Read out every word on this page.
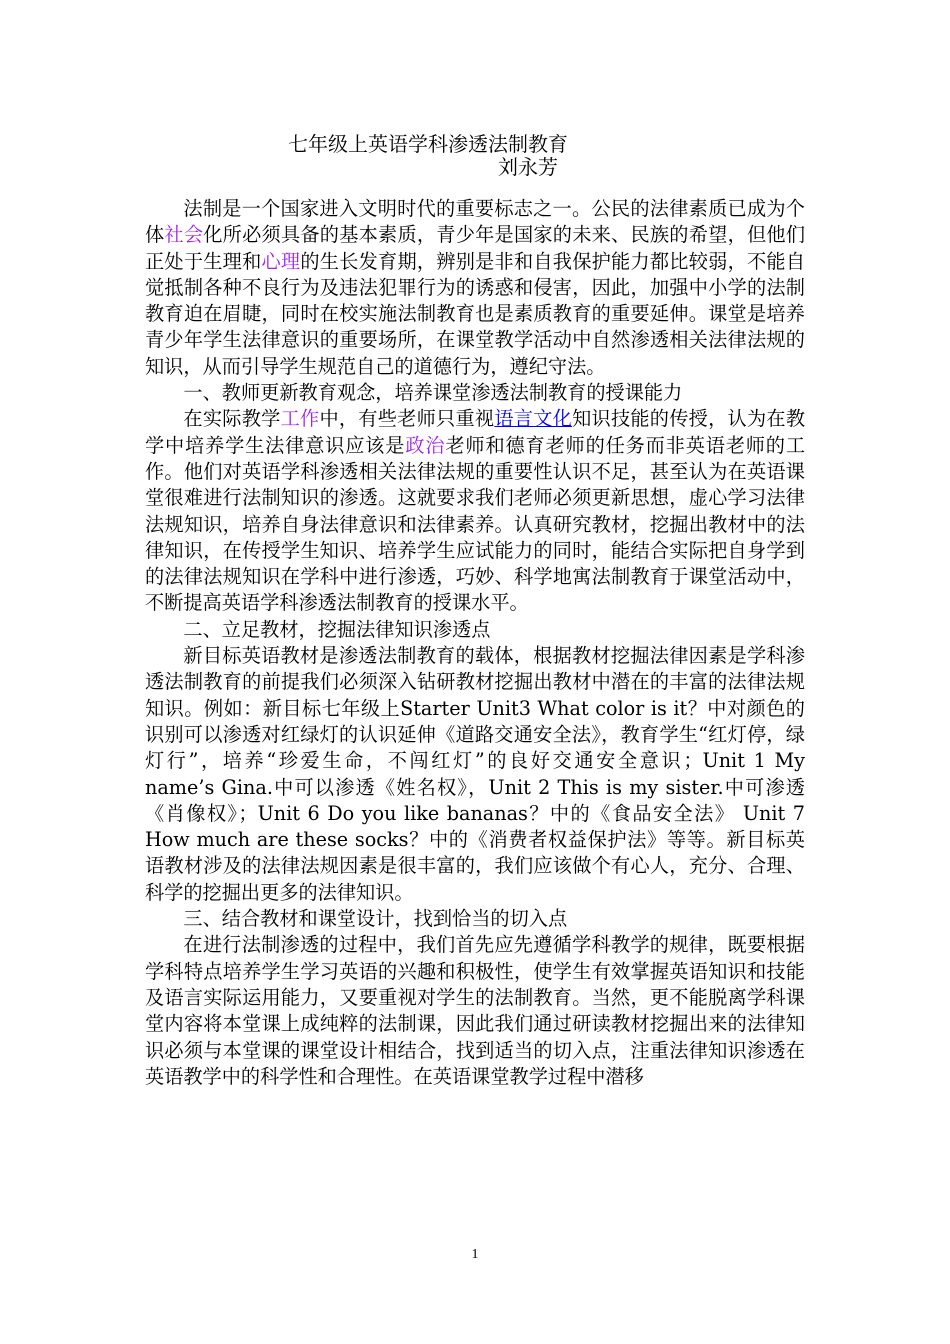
七年级上英语学科渗透法制教育
刘永芳

法制是一个国家进入文明时代的重要标志之一。公民的法律素质已成为个体社会化所必须具备的基本素质，青少年是国家的未来、民族的希望，但他们正处于生理和心理的生长发育期，辨别是非和自我保护能力都比较弱，不能自觉抵制各种不良行为及违法犯罪行为的诱惑和侵害，因此，加强中小学的法制教育迫在眉睫，同时在校实施法制教育也是素质教育的重要延伸。课堂是培养青少年学生法律意识的重要场所，在课堂教学活动中自然渗透相关法律法规的知识，从而引导学生规范自己的道德行为，遵纪守法。

一、教师更新教育观念，培养课堂渗透法制教育的授课能力

在实际教学工作中，有些老师只重视语言文化知识技能的传授，认为在教学中培养学生法律意识应该是政治老师和德育老师的任务而非英语老师的工作。他们对英语学科渗透相关法律法规的重要性认识不足，甚至认为在英语课堂很难进行法制知识的渗透。这就要求我们老师必须更新思想，虚心学习法律法规知识，培养自身法律意识和法律素养。认真研究教材，挖掘出教材中的法律知识，在传授学生知识、培养学生应试能力的同时，能结合实际把自身学到的法律法规知识在学科中进行渗透，巧妙、科学地寓法制教育于课堂活动中，不断提高英语学科渗透法制教育的授课水平。

二、立足教材，挖掘法律知识渗透点

新目标英语教材是渗透法制教育的载体，根据教材挖掘法律因素是学科渗透法制教育的前提我们必须深入钻研教材挖掘出教材中潜在的丰富的法律法规知识。例如：新目标七年级上Starter Unit3 What color is it？中对颜色的识别可以渗透对红绿灯的认识延伸《道路交通安全法》，教育学生“红灯停，绿灯行”，培养“珍爱生命，不闯红灯”的良好交通安全意识；Unit 1 My name’s Gina.中可以渗透《姓名权》，Unit 2 This is my sister.中可渗透《肖像权》；Unit 6 Do you like bananas？中的《食品安全法》 Unit 7 How much are these socks？中的《消费者权益保护法》等等。新目标英语教材涉及的法律法规因素是很丰富的，我们应该做个有心人，充分、合理、科学的挖掘出更多的法律知识。

三、结合教材和课堂设计，找到恰当的切入点

在进行法制渗透的过程中，我们首先应先遵循学科教学的规律，既要根据学科特点培养学生学习英语的兴趣和积极性，使学生有效掌握英语知识和技能及语言实际运用能力，又要重视对学生的法制教育。当然，更不能脱离学科课堂内容将本堂课上成纯粹的法制课，因此我们通过研读教材挖掘出来的法律知识必须与本堂课的课堂设计相结合，找到适当的切入点，注重法律知识渗透在英语教学中的科学性和合理性。在英语课堂教学过程中潜移

1
